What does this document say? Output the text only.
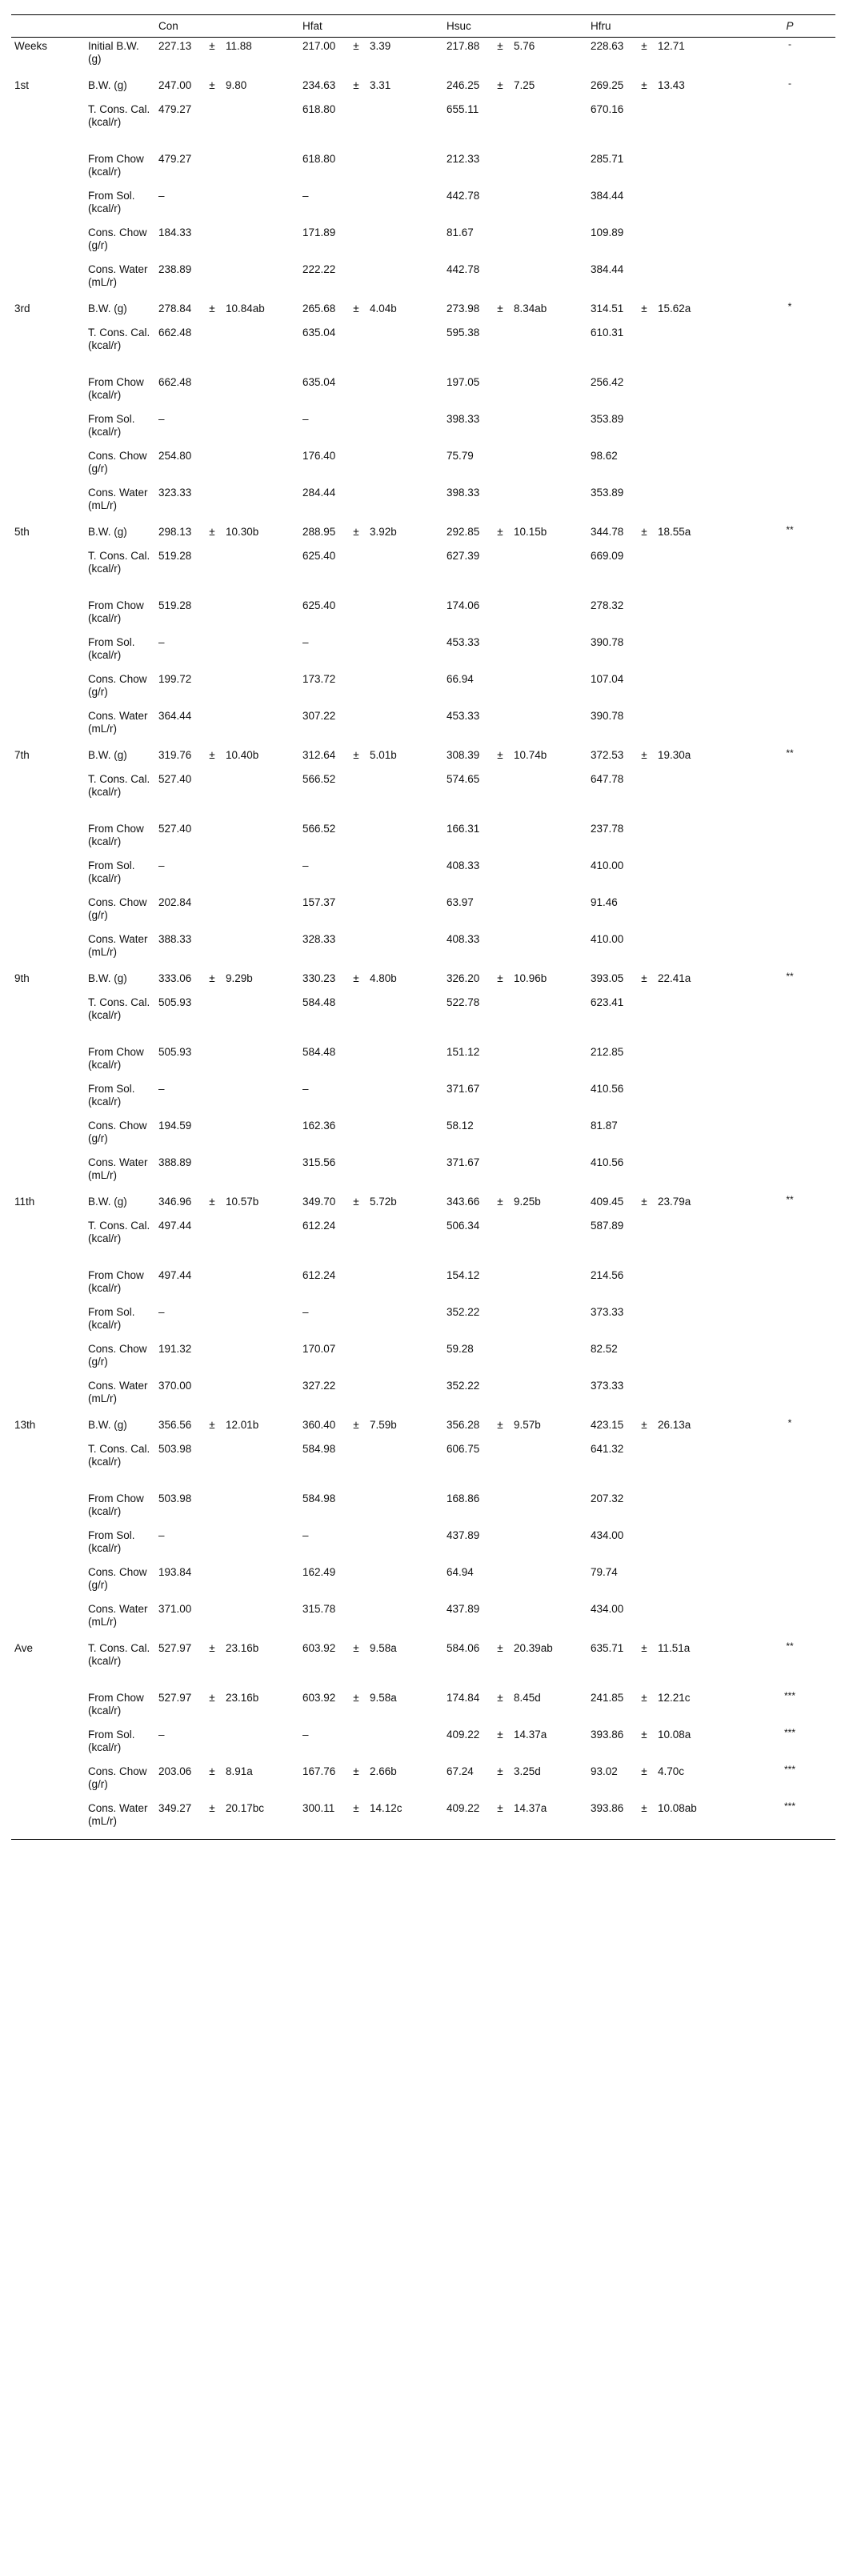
		Con			Hfat			Hsuc			Hfru			P
Weeks	Initial B.W. (g)	227.13	±	11.88	217.00	±	3.39	217.88	±	5.76	228.63	±	12.71	-
1st	B.W. (g)	247.00	±	9.80	234.63	±	3.31	246.25	±	7.25	269.25	±	13.43	-
	T. Cons. Cal. (kcal/r)	479.27			618.80			655.11			670.16			
	From Chow (kcal/r)	479.27			618.80			212.33			285.71			
	From Sol. (kcal/r)	–			–			442.78			384.44			
	Cons. Chow (g/r)	184.33			171.89			81.67			109.89			
	Cons. Water (mL/r)	238.89			222.22			442.78			384.44			
3rd	B.W. (g)	278.84	±	10.84ab	265.68	±	4.04b	273.98	±	8.34ab	314.51	±	15.62a	*
	T. Cons. Cal. (kcal/r)	662.48			635.04			595.38			610.31			
	From Chow (kcal/r)	662.48			635.04			197.05			256.42			
	From Sol. (kcal/r)	–			–			398.33			353.89			
	Cons. Chow (g/r)	254.80			176.40			75.79			98.62			
	Cons. Water (mL/r)	323.33			284.44			398.33			353.89			
5th	B.W. (g)	298.13	±	10.30b	288.95	±	3.92b	292.85	±	10.15b	344.78	±	18.55a	**
	T. Cons. Cal. (kcal/r)	519.28			625.40			627.39			669.09			
	From Chow (kcal/r)	519.28			625.40			174.06			278.32			
	From Sol. (kcal/r)	–			–			453.33			390.78			
	Cons. Chow (g/r)	199.72			173.72			66.94			107.04			
	Cons. Water (mL/r)	364.44			307.22			453.33			390.78			
7th	B.W. (g)	319.76	±	10.40b	312.64	±	5.01b	308.39	±	10.74b	372.53	±	19.30a	**
	T. Cons. Cal. (kcal/r)	527.40			566.52			574.65			647.78			
	From Chow (kcal/r)	527.40			566.52			166.31			237.78			
	From Sol. (kcal/r)	–			–			408.33			410.00			
	Cons. Chow (g/r)	202.84			157.37			63.97			91.46			
	Cons. Water (mL/r)	388.33			328.33			408.33			410.00			
9th	B.W. (g)	333.06	±	9.29b	330.23	±	4.80b	326.20	±	10.96b	393.05	±	22.41a	**
	T. Cons. Cal. (kcal/r)	505.93			584.48			522.78			623.41			
	From Chow (kcal/r)	505.93			584.48			151.12			212.85			
	From Sol. (kcal/r)	–			–			371.67			410.56			
	Cons. Chow (g/r)	194.59			162.36			58.12			81.87			
	Cons. Water (mL/r)	388.89			315.56			371.67			410.56			
11th	B.W. (g)	346.96	±	10.57b	349.70	±	5.72b	343.66	±	9.25b	409.45	±	23.79a	**
	T. Cons. Cal. (kcal/r)	497.44			612.24			506.34			587.89			
	From Chow (kcal/r)	497.44			612.24			154.12			214.56			
	From Sol. (kcal/r)	–			–			352.22			373.33			
	Cons. Chow (g/r)	191.32			170.07			59.28			82.52			
	Cons. Water (mL/r)	370.00			327.22			352.22			373.33			
13th	B.W. (g)	356.56	±	12.01b	360.40	±	7.59b	356.28	±	9.57b	423.15	±	26.13a	*
	T. Cons. Cal. (kcal/r)	503.98			584.98			606.75			641.32			
	From Chow (kcal/r)	503.98			584.98			168.86			207.32			
	From Sol. (kcal/r)	–			–			437.89			434.00			
	Cons. Chow (g/r)	193.84			162.49			64.94			79.74			
	Cons. Water (mL/r)	371.00			315.78			437.89			434.00			
Ave	T. Cons. Cal. (kcal/r)	527.97	±	23.16b	603.92	±	9.58a	584.06	±	20.39ab	635.71	±	11.51a	**
	From Chow (kcal/r)	527.97	±	23.16b	603.92	±	9.58a	174.84	±	8.45d	241.85	±	12.21c	***
	From Sol. (kcal/r)	–			–			409.22	±	14.37a	393.86	±	10.08a	***
	Cons. Chow (g/r)	203.06	±	8.91a	167.76	±	2.66b	67.24	±	3.25d	93.02	±	4.70c	***
	Cons. Water (mL/r)	349.27	±	20.17bc	300.11	±	14.12c	409.22	±	14.37a	393.86	±	10.08ab	***
